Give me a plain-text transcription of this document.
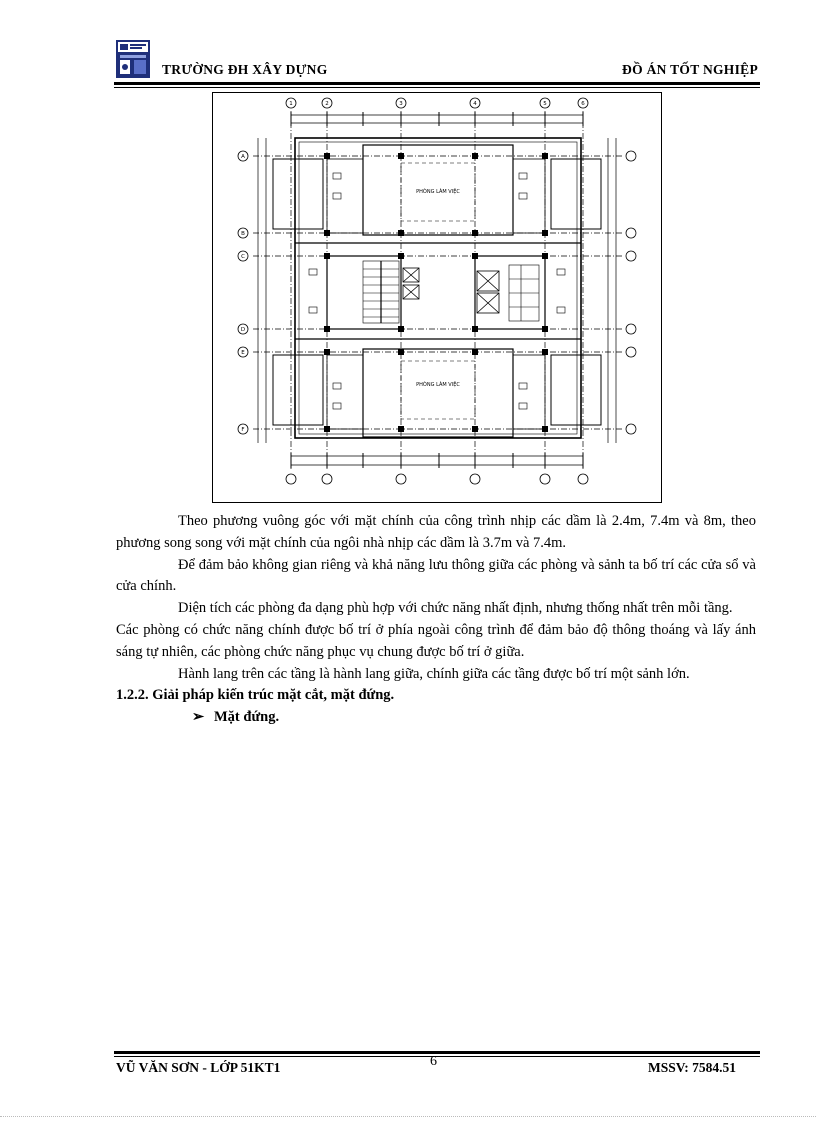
TRƯỜNG ĐH XÂY DỰNG	ĐỒ ÁN TỐT NGHIỆP
PHÒNG LÀM VIỆC
PHÒNG LÀM VIỆC
1	2	3	4	5	6
A
B
C
D
E
F

Theo phương vuông góc với mặt chính của công trình nhịp các dầm là 2.4m, 7.4m và 8m, theo phương song song với mặt chính của ngôi nhà nhịp các dầm là 3.7m và 7.4m.

Để đảm bảo không gian riêng và khả năng lưu thông giữa các phòng và sảnh ta bố trí các cửa sổ và cửa chính.

Diện tích các phòng đa dạng phù hợp với chức năng nhất định, nhưng thống nhất trên mỗi tầng.

Các phòng có chức năng chính được bố trí ở phía ngoài công trình để đảm bảo độ thông thoáng và lấy ánh sáng tự nhiên, các phòng chức năng phục vụ chung được bố trí ở giữa.

Hành lang trên các tầng là hành lang giữa, chính giữa các tầng được bố trí một sảnh lớn.

1.2.2. Giải pháp kiến trúc mặt cắt, mặt đứng.

➢ Mặt đứng.

VŨ VĂN SƠN - LỚP 51KT1	6	MSSV: 7584.51
